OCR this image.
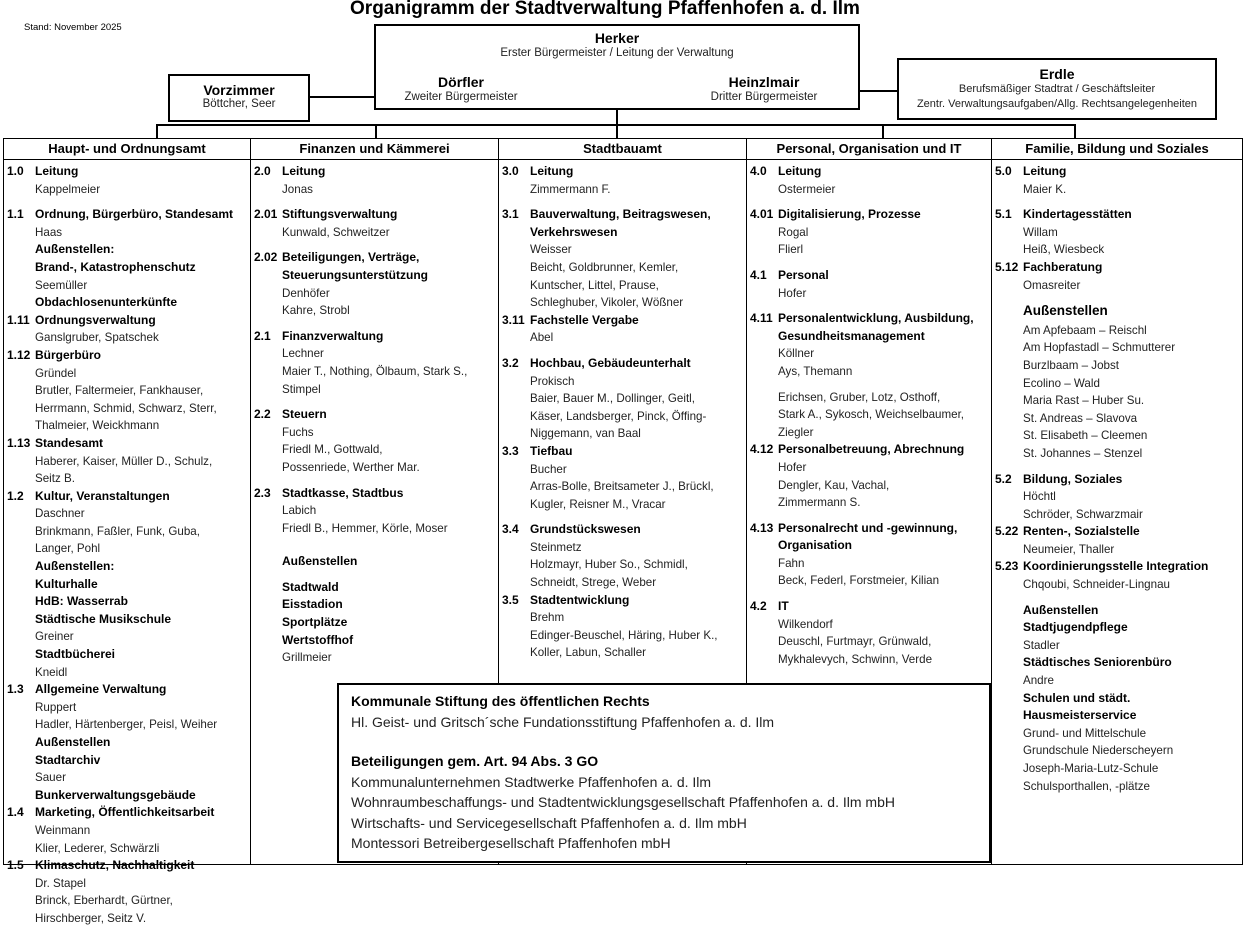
Organigramm der Stadtverwaltung Pfaffenhofen a. d. Ilm
Stand: November 2025
Herker
Erster Bürgermeister / Leitung der Verwaltung
Dörfler
Zweiter Bürgermeister
Heinzlmair
Dritter Bürgermeister
Vorzimmer
Böttcher, Seer
Erdle
Berufsmäßiger Stadtrat / Geschäftsleiter
Zentr. Verwaltungsaufgaben/Allg. Rechtsangelegenheiten
Haupt- und Ordnungsamt
1.0 Leitung
Kappelmeier
1.1 Ordnung, Bürgerbüro, Standesamt
Haas
Außenstellen:
Brand-, Katastrophenschutz
Seemüller
Obdachlosenunterkünfte
1.11 Ordnungsverwaltung
Ganslgruber, Spatschek
1.12 Bürgerbüro
Gründel
Brutler, Faltermeier, Fankhauser,
Herrmann, Schmid, Schwarz, Sterr,
Thalmeier, Weickhmann
1.13 Standesamt
Haberer, Kaiser, Müller D., Schulz,
Seitz B.
1.2 Kultur, Veranstaltungen
Daschner
Brinkmann, Faßler, Funk, Guba,
Langer, Pohl
Außenstellen:
Kulturhalle
HdB: Wasserrab
Städtische Musikschule
Greiner
Stadtbücherei
Kneidl
1.3 Allgemeine Verwaltung
Ruppert
Hadler, Härtenberger, Peisl, Weiher
Außenstellen
Stadtarchiv
Sauer
Bunkerverwaltungsgebäude
1.4 Marketing, Öffentlichkeitsarbeit
Weinmann
Klier, Lederer, Schwärzli
1.5 Klimaschutz, Nachhaltigkeit
Dr. Stapel
Brinck, Eberhardt, Gürtner,
Hirschberger, Seitz V.
Finanzen und Kämmerei
2.0 Leitung
Jonas
2.01 Stiftungsverwaltung
Kunwald, Schweitzer
2.02 Beteiligungen, Verträge,
Steuerungsunterstützung
Denhöfer
Kahre, Strobl
2.1 Finanzverwaltung
Lechner
Maier T., Nothing, Ölbaum, Stark S.,
Stimpel
2.2 Steuern
Fuchs
Friedl M., Gottwald,
Possenriede, Werther Mar.
2.3 Stadtkasse, Stadtbus
Labich
Friedl B., Hemmer, Körle, Moser
Außenstellen
Stadtwald
Eisstadion
Sportplätze
Wertstoffhof
Grillmeier
Stadtbauamt
3.0 Leitung
Zimmermann F.
3.1 Bauverwaltung, Beitragswesen,
Verkehrswesen
Weisser
Beicht, Goldbrunner, Kemler,
Kuntscher, Littel, Prause,
Schleghuber, Vikoler, Wößner
3.11 Fachstelle Vergabe
Abel
3.2 Hochbau, Gebäudeunterhalt
Prokisch
Baier, Bauer M., Dollinger, Geitl,
Käser, Landsberger, Pinck, Öffing-
Niggemann, van Baal
3.3 Tiefbau
Bucher
Arras-Bolle, Breitsameter J., Brückl,
Kugler, Reisner M., Vracar
3.4 Grundstückswesen
Steinmetz
Holzmayr, Huber So., Schmidl,
Schneidt, Strege, Weber
3.5 Stadtentwicklung
Brehm
Edinger-Beuschel, Häring, Huber K.,
Koller, Labun, Schaller
Personal, Organisation und IT
4.0 Leitung
Ostermeier
4.01 Digitalisierung, Prozesse
Rogal
Flierl
4.1 Personal
Hofer
4.11 Personalentwicklung, Ausbildung,
Gesundheitsmanagement
Köllner
Ays, Themann
Erichsen, Gruber, Lotz, Osthoff,
Stark A., Sykosch, Weichselbaumer,
Ziegler
4.12 Personalbetreuung, Abrechnung
Hofer
Dengler, Kau, Vachal,
Zimmermann S.
4.13 Personalrecht und -gewinnung,
Organisation
Fahn
Beck, Federl, Forstmeier, Kilian
4.2 IT
Wilkendorf
Deuschl, Furtmayr, Grünwald,
Mykhalevych, Schwinn, Verde
Familie, Bildung und Soziales
5.0 Leitung
Maier K.
5.1 Kindertagesstätten
Willam
Heiß, Wiesbeck
5.12 Fachberatung
Omasreiter
Außenstellen
Am Apfebaam – Reischl
Am Hopfastadl – Schmutterer
Burzlbaam – Jobst
Ecolino – Wald
Maria Rast – Huber Su.
St. Andreas – Slavova
St. Elisabeth – Cleemen
St. Johannes – Stenzel
5.2 Bildung, Soziales
Höchtl
Schröder, Schwarzmair
5.22 Renten-, Sozialstelle
Neumeier, Thaller
5.23 Koordinierungsstelle Integration
Chqoubi, Schneider-Lingnau
Außenstellen
Stadtjugendpflege
Stadler
Städtisches Seniorenbüro
Andre
Schulen und städt.
Hausmeisterservice
Grund- und Mittelschule
Grundschule Niederscheyern
Joseph-Maria-Lutz-Schule
Schulsporthallen, -plätze
Kommunale Stiftung des öffentlichen Rechts
Hl. Geist- und Gritsch´sche Fundationsstiftung Pfaffenhofen a. d. Ilm
Beteiligungen gem. Art. 94 Abs. 3 GO
Kommunalunternehmen Stadtwerke Pfaffenhofen a. d. Ilm
Wohnraumbeschaffungs- und Stadtentwicklungsgesellschaft Pfaffenhofen a. d. Ilm mbH
Wirtschafts- und Servicegesellschaft Pfaffenhofen a. d. Ilm mbH
Montessori Betreibergesellschaft Pfaffenhofen mbH
